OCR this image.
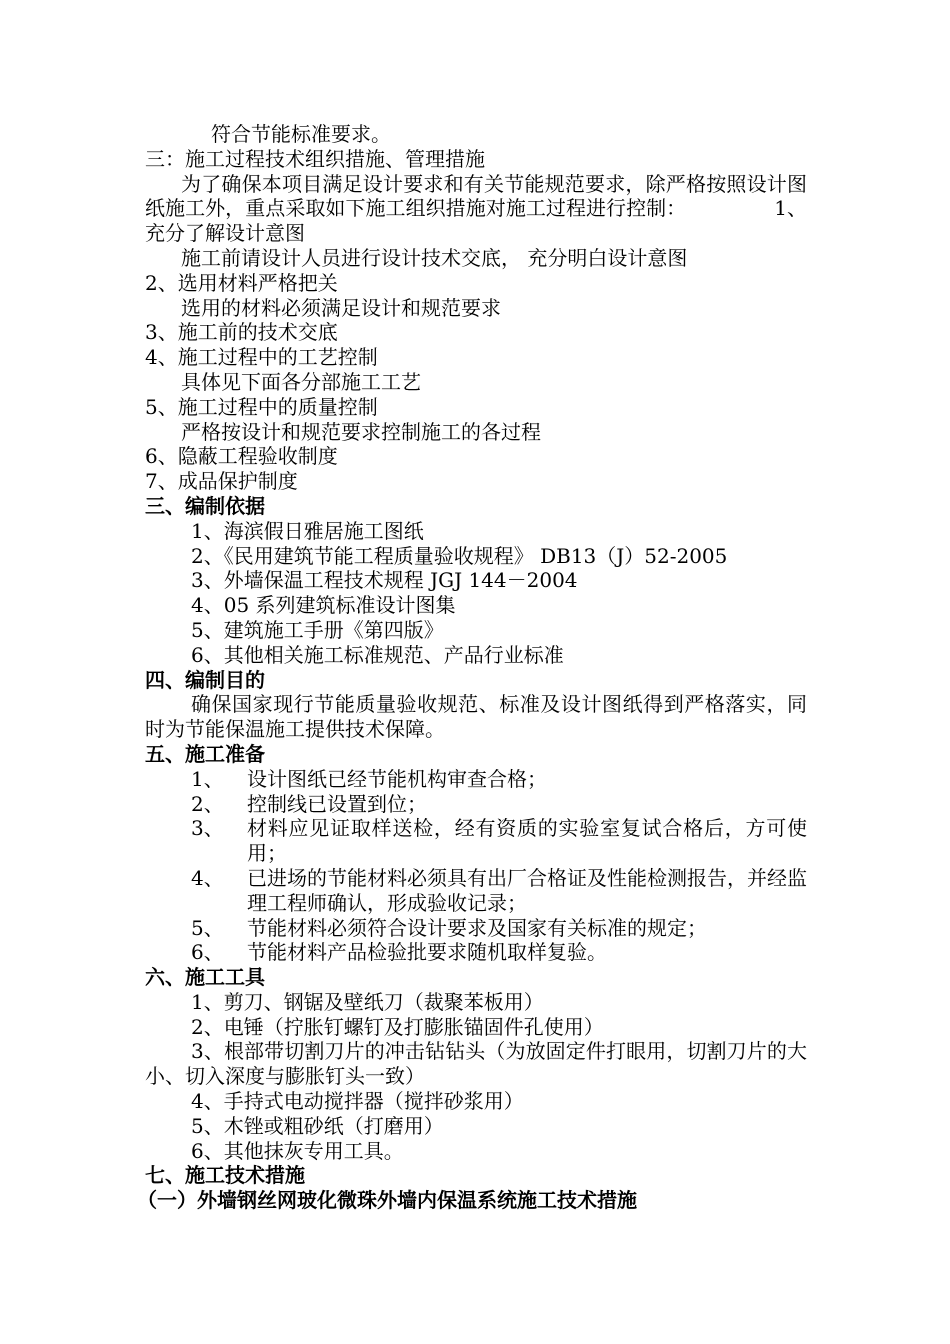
符合节能标准要求。
三：施工过程技术组织措施、管理措施
为了确保本项目满足设计要求和有关节能规范要求，除严格按照设计图纸施工外，重点采取如下施工组织措施对施工过程进行控制：	1、充分了解设计意图
施工前请设计人员进行设计技术交底， 充分明白设计意图
2、选用材料严格把关
选用的材料必须满足设计和规范要求
3、施工前的技术交底
4、施工过程中的工艺控制
具体见下面各分部施工工艺
5、施工过程中的质量控制
严格按设计和规范要求控制施工的各过程
6、隐蔽工程验收制度
7、成品保护制度
三、编制依据
1、海滨假日雅居施工图纸
2、《民用建筑节能工程质量验收规程》 DB13（J）52-2005
3、外墙保温工程技术规程 JGJ 144－2004
4、05 系列建筑标准设计图集
5、建筑施工手册《第四版》
6、其他相关施工标准规范、产品行业标准
四、编制目的
确保国家现行节能质量验收规范、标准及设计图纸得到严格落实，同时为节能保温施工提供技术保障。
五、施工准备
1、	设计图纸已经节能机构审查合格；
2、	控制线已设置到位；
3、	材料应见证取样送检，经有资质的实验室复试合格后，方可使用；
4、	已进场的节能材料必须具有出厂合格证及性能检测报告，并经监理工程师确认，形成验收记录；
5、	节能材料必须符合设计要求及国家有关标准的规定；
6、	节能材料产品检验批要求随机取样复验。
六、施工工具
1、剪刀、钢锯及壁纸刀（裁聚苯板用）
2、电锤（拧胀钉螺钉及打膨胀锚固件孔使用）
3、根部带切割刀片的冲击钻钻头（为放固定件打眼用，切割刀片的大小、切入深度与膨胀钉头一致）
4、手持式电动搅拌器（搅拌砂浆用）
5、木锉或粗砂纸（打磨用）
6、其他抹灰专用工具。
七、施工技术措施
（一）外墙钢丝网玻化微珠外墙内保温系统施工技术措施
